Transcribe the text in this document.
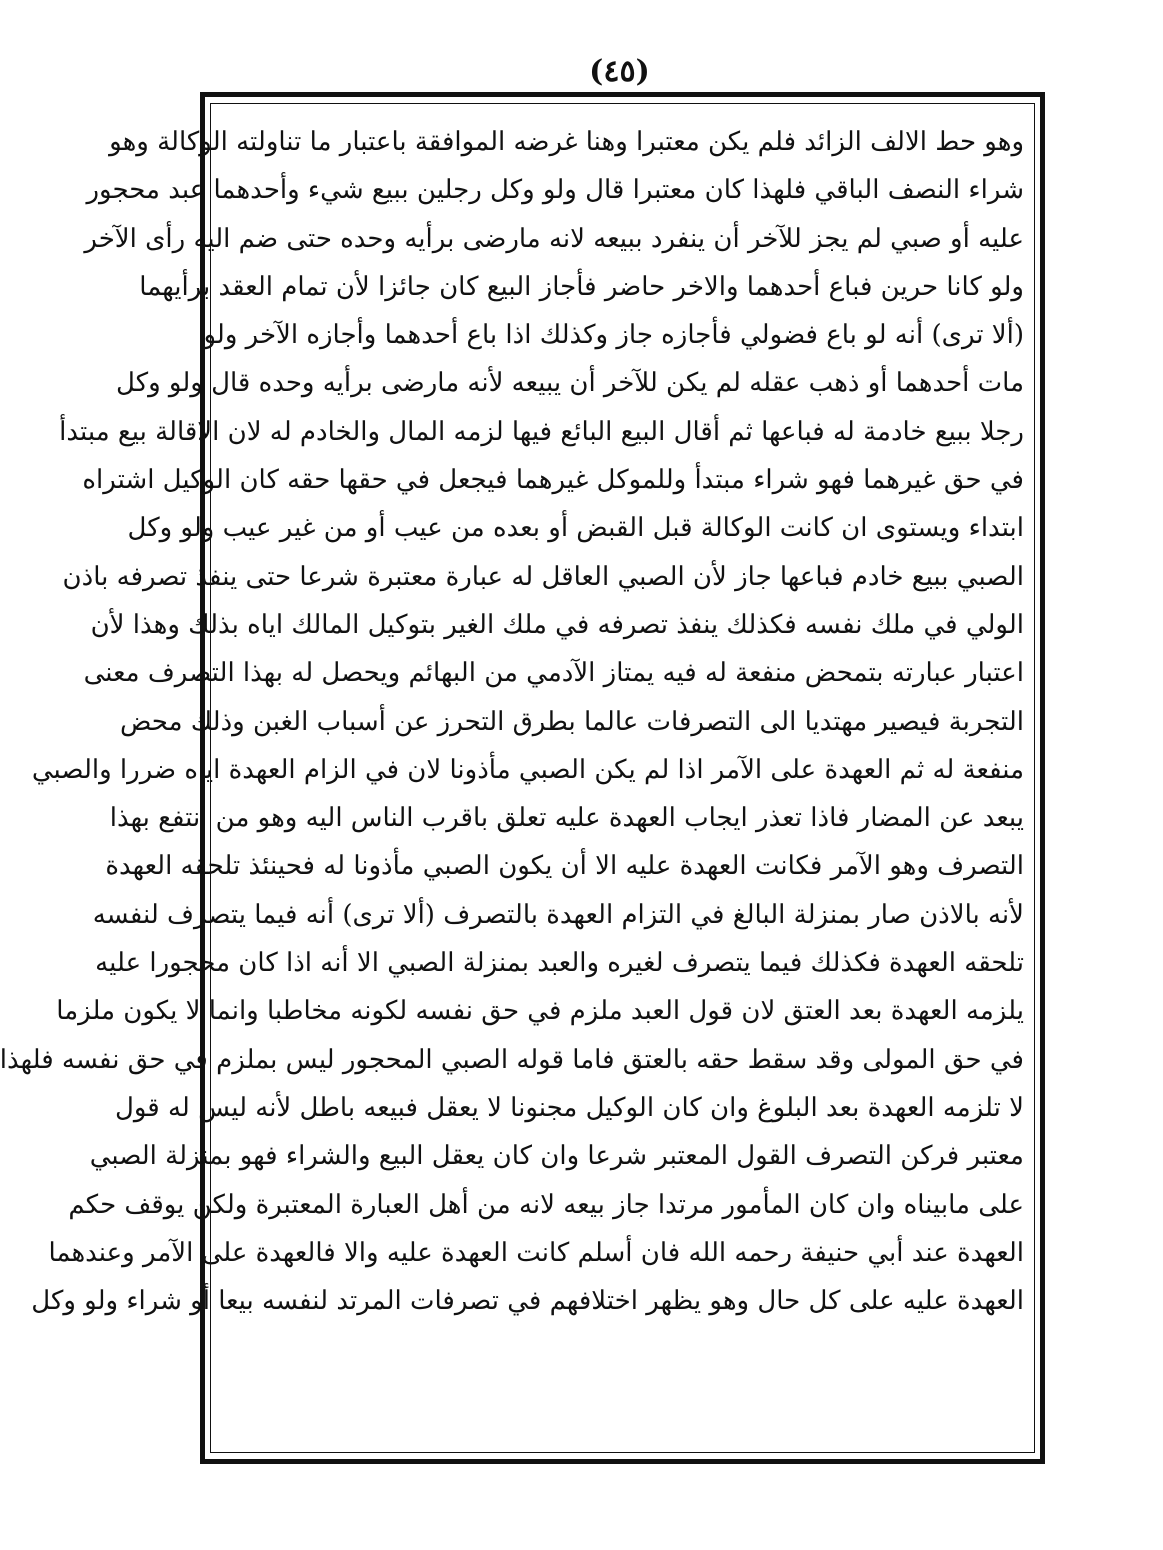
(٤٥)
وهو حط الالف الزائد فلم يكن معتبرا وهنا غرضه الموافقة باعتبار ما تناولته الوكالة وهو
شراء النصف الباقي فلهذا كان معتبرا قال ولو وكل رجلين ببيع شيء وأحدهما عبد محجور
عليه أو صبي لم يجز للآخر أن ينفرد ببيعه لانه مارضى برأيه وحده حتى ضم اليه رأى الآخر
ولو كانا حرين فباع أحدهما والاخر حاضر فأجاز البيع كان جائزا لأن تمام العقد برأيهما
(ألا ترى) أنه لو باع فضولي فأجازه جاز وكذلك اذا باع أحدهما وأجازه الآخر ولو
مات أحدهما أو ذهب عقله لم يكن للآخر أن يبيعه لأنه مارضى برأيه وحده قال ولو وكل
رجلا ببيع خادمة له فباعها ثم أقال البيع البائع فيها لزمه المال والخادم له لان الاقالة بيع مبتدأ
في حق غيرهما فهو شراء مبتدأ وللموكل غيرهما فيجعل في حقها حقه كان الوكيل اشتراه
ابتداء ويستوى ان كانت الوكالة قبل القبض أو بعده من عيب أو من غير عيب ولو وكل
الصبي ببيع خادم فباعها جاز لأن الصبي العاقل له عبارة معتبرة شرعا حتى ينفذ تصرفه باذن
الولي في ملك نفسه فكذلك ينفذ تصرفه في ملك الغير بتوكيل المالك اياه بذلك وهذا لأن
اعتبار عبارته بتمحض منفعة له فيه يمتاز الآدمي من البهائم ويحصل له بهذا التصرف معنى
التجربة فيصير مهتديا الى التصرفات عالما بطرق التحرز عن أسباب الغبن وذلك محض
منفعة له ثم العهدة على الآمر اذا لم يكن الصبي مأذونا لان في الزام العهدة اياه ضررا والصبي
يبعد عن المضار فاذا تعذر ايجاب العهدة عليه تعلق باقرب الناس اليه وهو من انتفع بهذا
التصرف وهو الآمر فكانت العهدة عليه الا أن يكون الصبي مأذونا له فحينئذ تلحقه العهدة
لأنه بالاذن صار بمنزلة البالغ في التزام العهدة بالتصرف (ألا ترى) أنه فيما يتصرف لنفسه
تلحقه العهدة فكذلك فيما يتصرف لغيره والعبد بمنزلة الصبي الا أنه اذا كان محجورا عليه
يلزمه العهدة بعد العتق لان قول العبد ملزم في حق نفسه لكونه مخاطبا وانما لا يكون ملزما
في حق المولى وقد سقط حقه بالعتق فاما قوله الصبي المحجور ليس بملزم في حق نفسه فلهذا
لا تلزمه العهدة بعد البلوغ وان كان الوكيل مجنونا لا يعقل فبيعه باطل لأنه ليس له قول
معتبر فركن التصرف القول المعتبر شرعا وان كان يعقل البيع والشراء فهو بمنزلة الصبي
على مابيناه وان كان المأمور مرتدا جاز بيعه لانه من أهل العبارة المعتبرة ولكن يوقف حكم
العهدة عند أبي حنيفة رحمه الله فان أسلم كانت العهدة عليه والا فالعهدة على الآمر وعندهما
العهدة عليه على كل حال وهو يظهر اختلافهم في تصرفات المرتد لنفسه بيعا أو شراء ولو وكل
